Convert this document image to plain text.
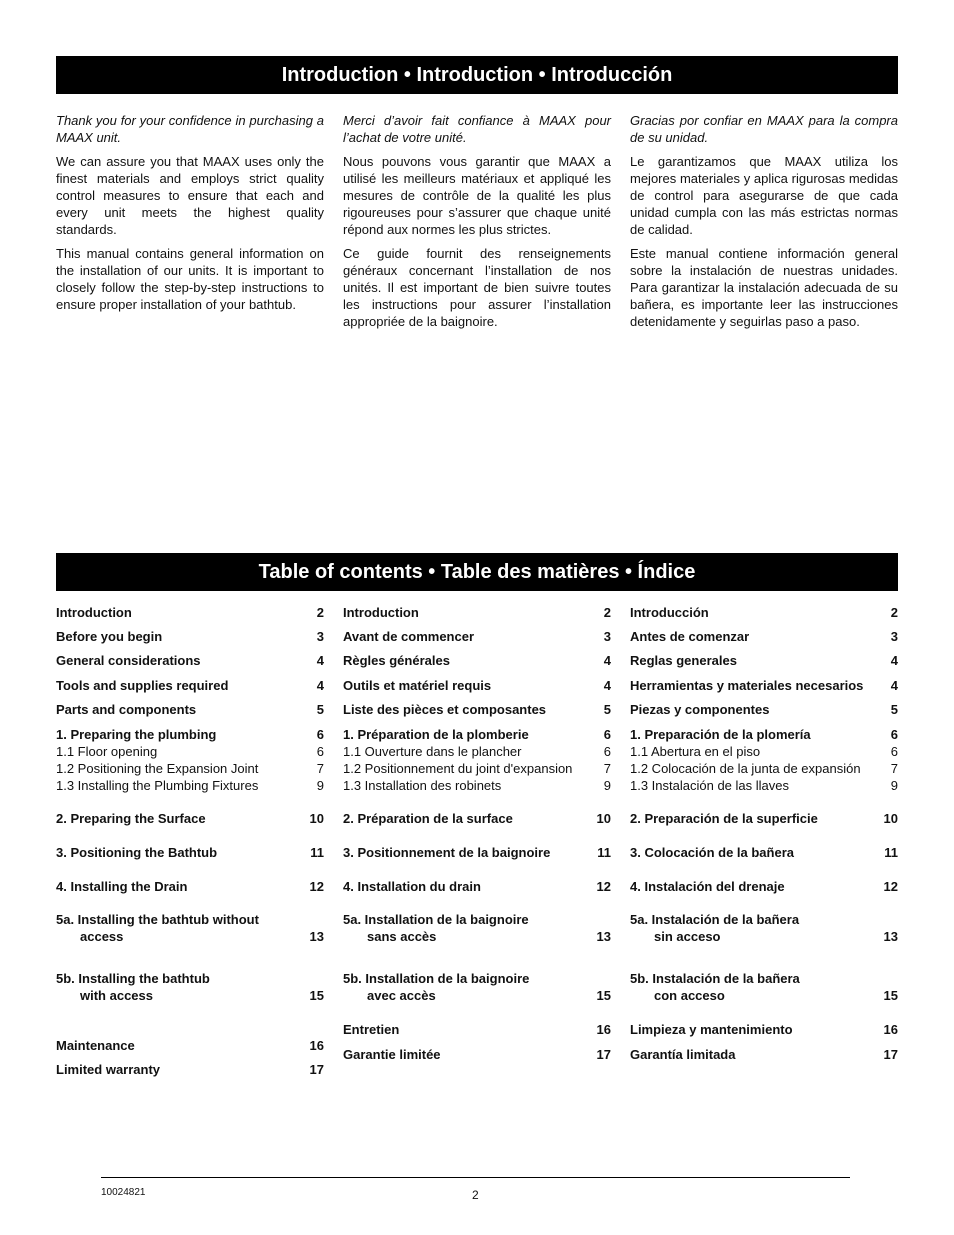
Introduction • Introduction • Introducción

Thank you for your confidence in purchasing a MAAX unit.

We can assure you that MAAX uses only the finest materials and employs strict quality control measures to ensure that each and every unit meets the highest quality standards.

This manual contains general information on the installation of our units. It is important to closely follow the step-by-step instructions to ensure proper installation of your bathtub.

Merci d’avoir fait confiance à MAAX pour l’achat de votre unité.

Nous pouvons vous garantir que MAAX a utilisé les meilleurs matériaux et appliqué les mesures de contrôle de la qualité les plus rigoureuses pour s’assurer que chaque unité répond aux normes les plus strictes.

Ce guide fournit des renseignements généraux concernant l’installation de nos unités. Il est important de bien suivre toutes les instructions pour assurer l’installation appropriée de la baignoire.

Gracias por confiar en MAAX para la compra de su unidad.

Le garantizamos que MAAX utiliza los mejores materiales y aplica rigurosas medidas de control para asegurarse de que cada unidad cumpla con las más estrictas normas de calidad.

Este manual contiene información general sobre la instalación de nuestras unidades. Para garantizar la instalación adecuada de su bañera, es importante leer las instrucciones detenidamente y seguirlas paso a paso.

Table of contents • Table des matières • Índice
Introduction	2
Before you begin	3
General considerations	4
Tools and supplies required	4
Parts and components	5
1. Preparing the plumbing	6
1.1 Floor opening	6
1.2 Positioning the Expansion Joint	7
1.3 Installing the Plumbing Fixtures	9
2. Preparing the Surface	10
3. Positioning the Bathtub	11
4. Installing the Drain	12
5a. Installing the bathtub without
access	13
5b. Installing the bathtub
with access	15
Maintenance	16
Limited warranty	17
Introduction	2
Avant de commencer	3
Règles générales	4
Outils et matériel requis	4
Liste des pièces et composantes	5
1. Préparation de la plomberie	6
1.1 Ouverture dans le plancher	6
1.2 Positionnement du joint d'expansion 7
1.3 Installation des robinets	9
2. Préparation de la surface	10
3. Positionnement de la baignoire	11
4. Installation du drain	12
5a. Installation de la baignoire
sans accès	13
5b. Installation de la baignoire
avec accès	15
Entretien	16
Garantie limitée	17
Introducción	2
Antes de comenzar	3
Reglas generales	4
Herramientas y materiales necesarios 4
Piezas y componentes	5
1. Preparación de la plomería	6
1.1 Abertura en el piso	6
1.2 Colocación de la junta de expansión 7
1.3 Instalación de las llaves	9
2. Preparación de la superficie	10
3. Colocación de la bañera	11
4. Instalación del drenaje	12
5a. Instalación de la bañera
sin acceso	13
5b. Instalación de la bañera
con acceso	15
Limpieza y mantenimiento	16
Garantía limitada	17
10024821	2
